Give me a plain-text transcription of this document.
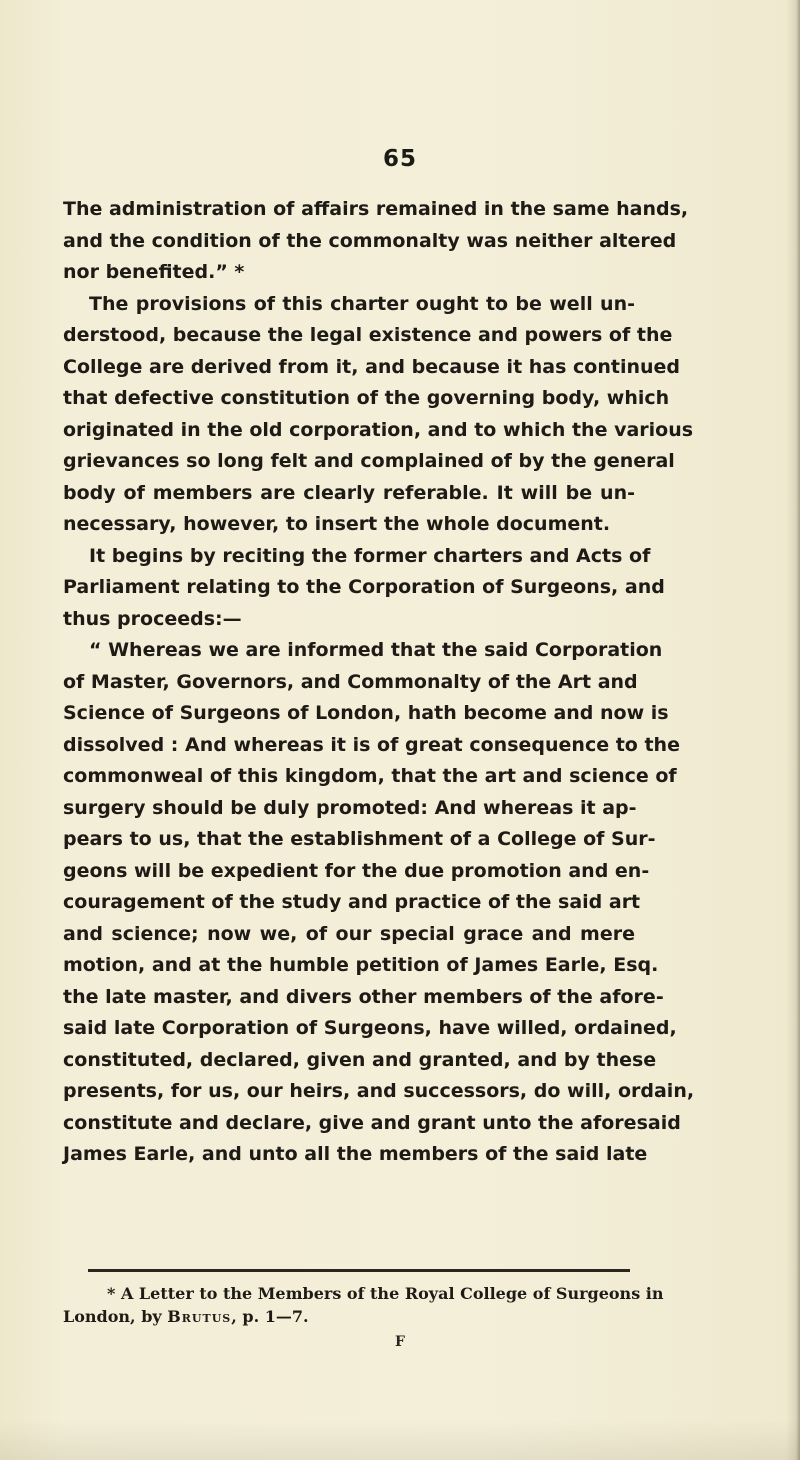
65
The administration of affairs remained in the same hands,
and the condition of the commonalty was neither altered
nor benefited.” *
The provisions of this charter ought to be well un-
derstood, because the legal existence and powers of the
College are derived from it, and because it has continued
that defective constitution of the governing body, which
originated in the old corporation, and to which the various
grievances so long felt and complained of by the general
body of members are clearly referable. It will be un-
necessary, however, to insert the whole document.
It begins by reciting the former charters and Acts of
Parliament relating to the Corporation of Surgeons, and
thus proceeds:—
“ Whereas we are informed that the said Corporation
of Master, Governors, and Commonalty of the Art and
Science of Surgeons of London, hath become and now is
dissolved : And whereas it is of great consequence to the
commonweal of this kingdom, that the art and science of
surgery should be duly promoted: And whereas it ap-
pears to us, that the establishment of a College of Sur-
geons will be expedient for the due promotion and en-
couragement of the study and practice of the said art
and science; now we, of our special grace and mere
motion, and at the humble petition of James Earle, Esq.
the late master, and divers other members of the afore-
said late Corporation of Surgeons, have willed, ordained,
constituted, declared, given and granted, and by these
presents, for us, our heirs, and successors, do will, ordain,
constitute and declare, give and grant unto the aforesaid
James Earle, and unto all the members of the said late
* A Letter to the Members of the Royal College of Surgeons in
London, by Brutus, p. 1—7.
F
